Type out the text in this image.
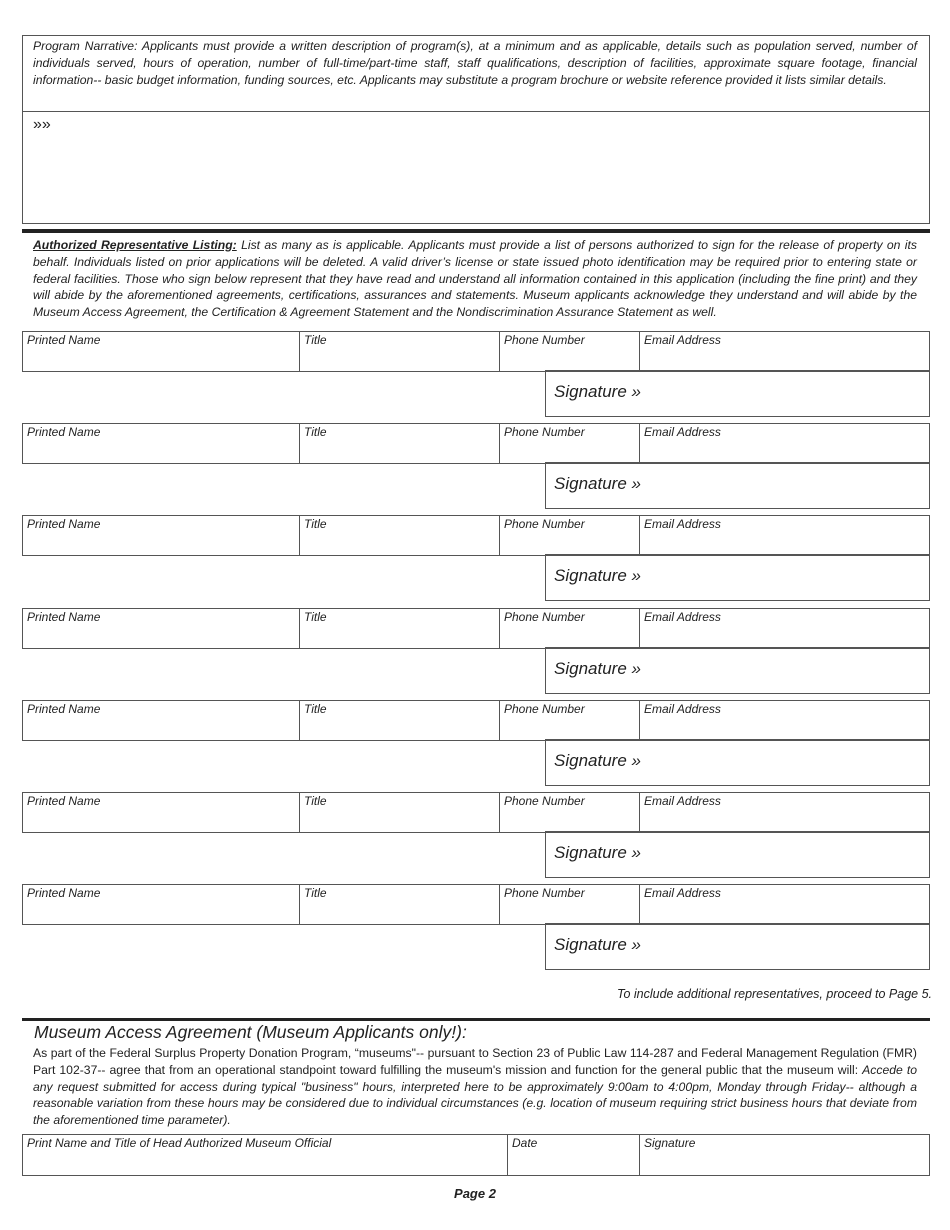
Program Narrative: Applicants must provide a written description of program(s), at a minimum and as applicable, details such as population served, number of individuals served, hours of operation, number of full-time/part-time staff, staff qualifications, description of facilities, approximate square footage, financial information-- basic budget information, funding sources, etc. Applicants may substitute a program brochure or website reference provided it lists similar details.
»»
Authorized Representative Listing: List as many as is applicable. Applicants must provide a list of persons authorized to sign for the release of property on its behalf. Individuals listed on prior applications will be deleted. A valid driver’s license or state issued photo identification may be required prior to entering state or federal facilities. Those who sign below represent that they have read and understand all information contained in this application (including the fine print) and they will abide by the aforementioned agreements, certifications, assurances and statements. Museum applicants acknowledge they understand and will abide by the Museum Access Agreement, the Certification & Agreement Statement and the Nondiscrimination Assurance Statement as well.
Printed Name	Title	Phone Number	Email Address
Signature »
Printed Name	Title	Phone Number	Email Address
Signature »
Printed Name	Title	Phone Number	Email Address
Signature »
Printed Name	Title	Phone Number	Email Address
Signature »
Printed Name	Title	Phone Number	Email Address
Signature »
Printed Name	Title	Phone Number	Email Address
Signature »
Printed Name	Title	Phone Number	Email Address
Signature »
To include additional representatives, proceed to Page 5.
Museum Access Agreement (Museum Applicants only!):
As part of the Federal Surplus Property Donation Program, “museums"-- pursuant to Section 23 of Public Law 114-287 and Federal Management Regulation (FMR) Part 102-37-- agree that from an operational standpoint toward fulfilling the museum's mission and function for the general public that the museum will: Accede to any request submitted for access during typical "business" hours, interpreted here to be approximately 9:00am to 4:00pm, Monday through Friday-- although a reasonable variation from these hours may be considered due to individual circumstances (e.g. location of museum requiring strict business hours that deviate from the aforementioned time parameter).
Print Name and Title of Head Authorized Museum Official	Date	Signature
Page 2
